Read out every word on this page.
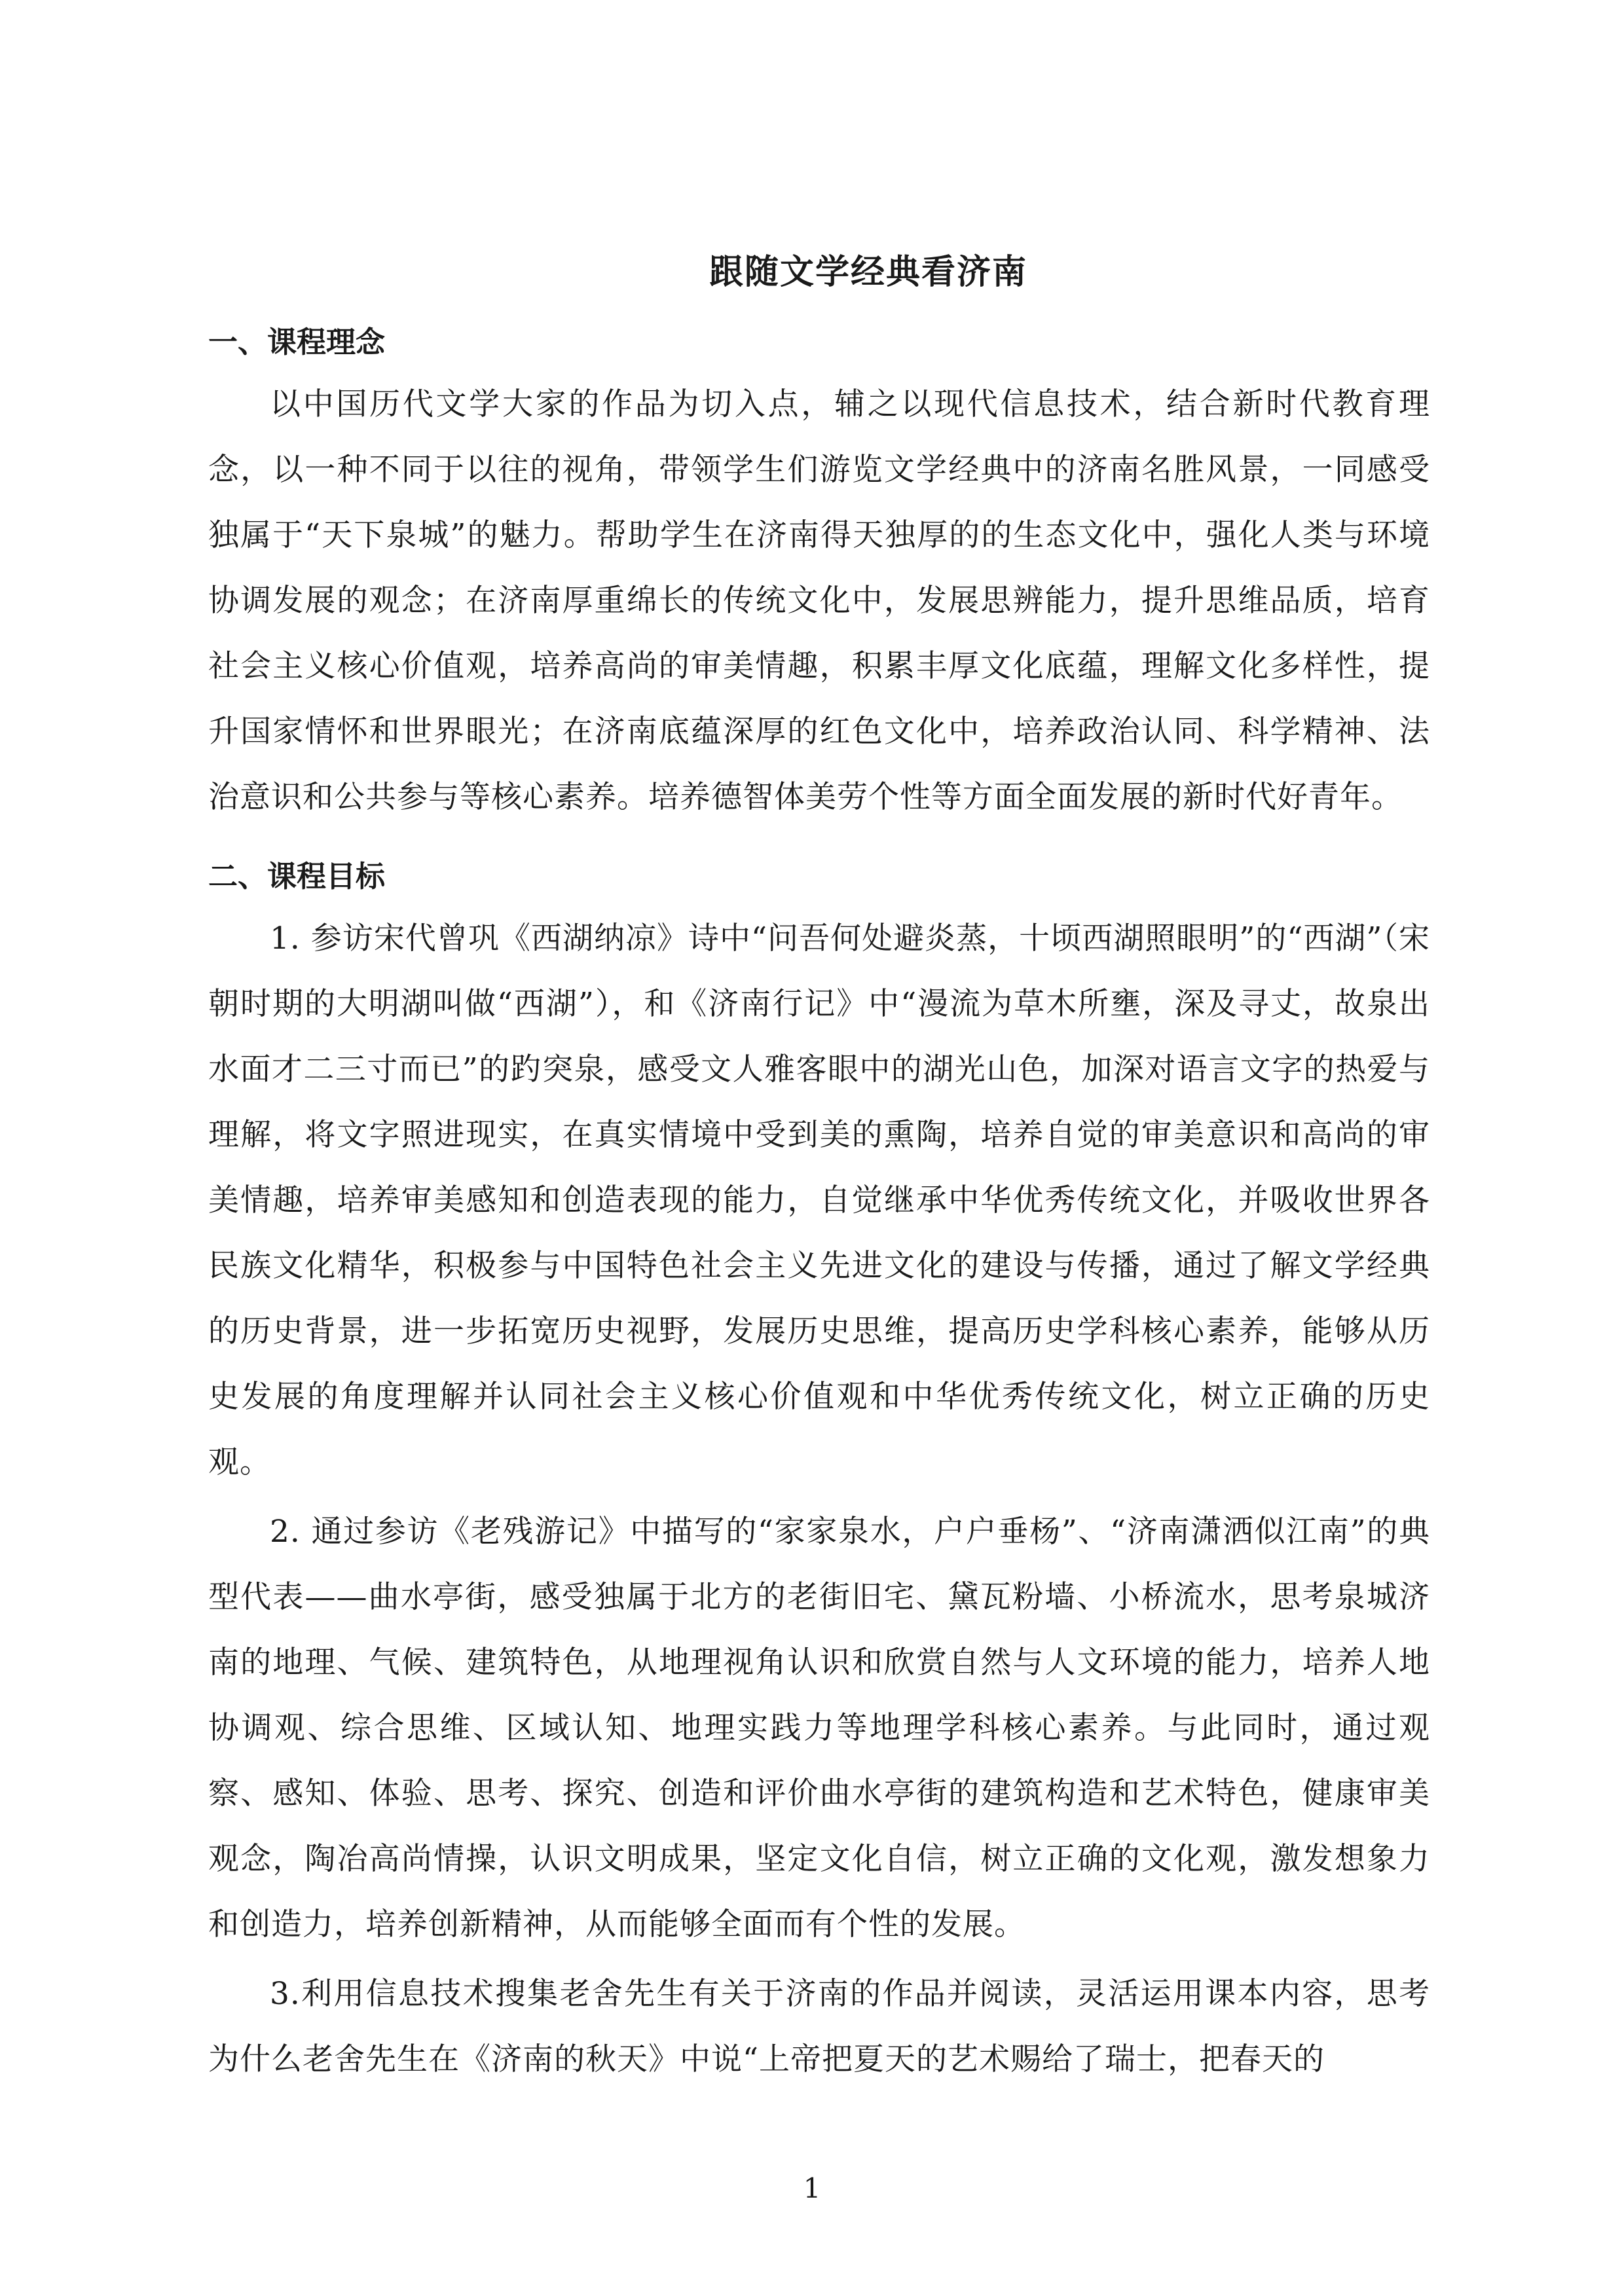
跟随文学经典看济南
一、课程理念

以中国历代文学大家的作品为切入点，辅之以现代信息技术，结合新时代教育理念，以一种不同于以往的视角，带领学生们游览文学经典中的济南名胜风景，一同感受独属于“天下泉城”的魅力。帮助学生在济南得天独厚的的生态文化中，强化人类与环境协调发展的观念；在济南厚重绵长的传统文化中，发展思辨能力，提升思维品质，培育社会主义核心价值观，培养高尚的审美情趣，积累丰厚文化底蕴，理解文化多样性，提升国家情怀和世界眼光；在济南底蕴深厚的红色文化中，培养政治认同、科学精神、法治意识和公共参与等核心素养。培养德智体美劳个性等方面全面发展的新时代好青年。

二、课程目标

1. 参访宋代曾巩《西湖纳凉》诗中“问吾何处避炎蒸，十顷西湖照眼明”的“西湖”（宋朝时期的大明湖叫做“西湖”），和《济南行记》中“漫流为草木所壅，深及寻丈，故泉出水面才二三寸而已”的趵突泉，感受文人雅客眼中的湖光山色，加深对语言文字的热爱与理解，将文字照进现实，在真实情境中受到美的熏陶，培养自觉的审美意识和高尚的审美情趣，培养审美感知和创造表现的能力，自觉继承中华优秀传统文化，并吸收世界各民族文化精华，积极参与中国特色社会主义先进文化的建设与传播，通过了解文学经典的历史背景，进一步拓宽历史视野，发展历史思维，提高历史学科核心素养，能够从历史发展的角度理解并认同社会主义核心价值观和中华优秀传统文化，树立正确的历史观。

2. 通过参访《老残游记》中描写的“家家泉水，户户垂杨”、“济南潇洒似江南”的典型代表——曲水亭街，感受独属于北方的老街旧宅、黛瓦粉墙、小桥流水，思考泉城济南的地理、气候、建筑特色，从地理视角认识和欣赏自然与人文环境的能力，培养人地协调观、综合思维、区域认知、地理实践力等地理学科核心素养。与此同时，通过观察、感知、体验、思考、探究、创造和评价曲水亭街的建筑构造和艺术特色，健康审美观念，陶冶高尚情操，认识文明成果，坚定文化自信，树立正确的文化观，激发想象力和创造力，培养创新精神，从而能够全面而有个性的发展。

3.利用信息技术搜集老舍先生有关于济南的作品并阅读，灵活运用课本内容，思考为什么老舍先生在《济南的秋天》中说“上帝把夏天的艺术赐给了瑞士，把春天的

1
